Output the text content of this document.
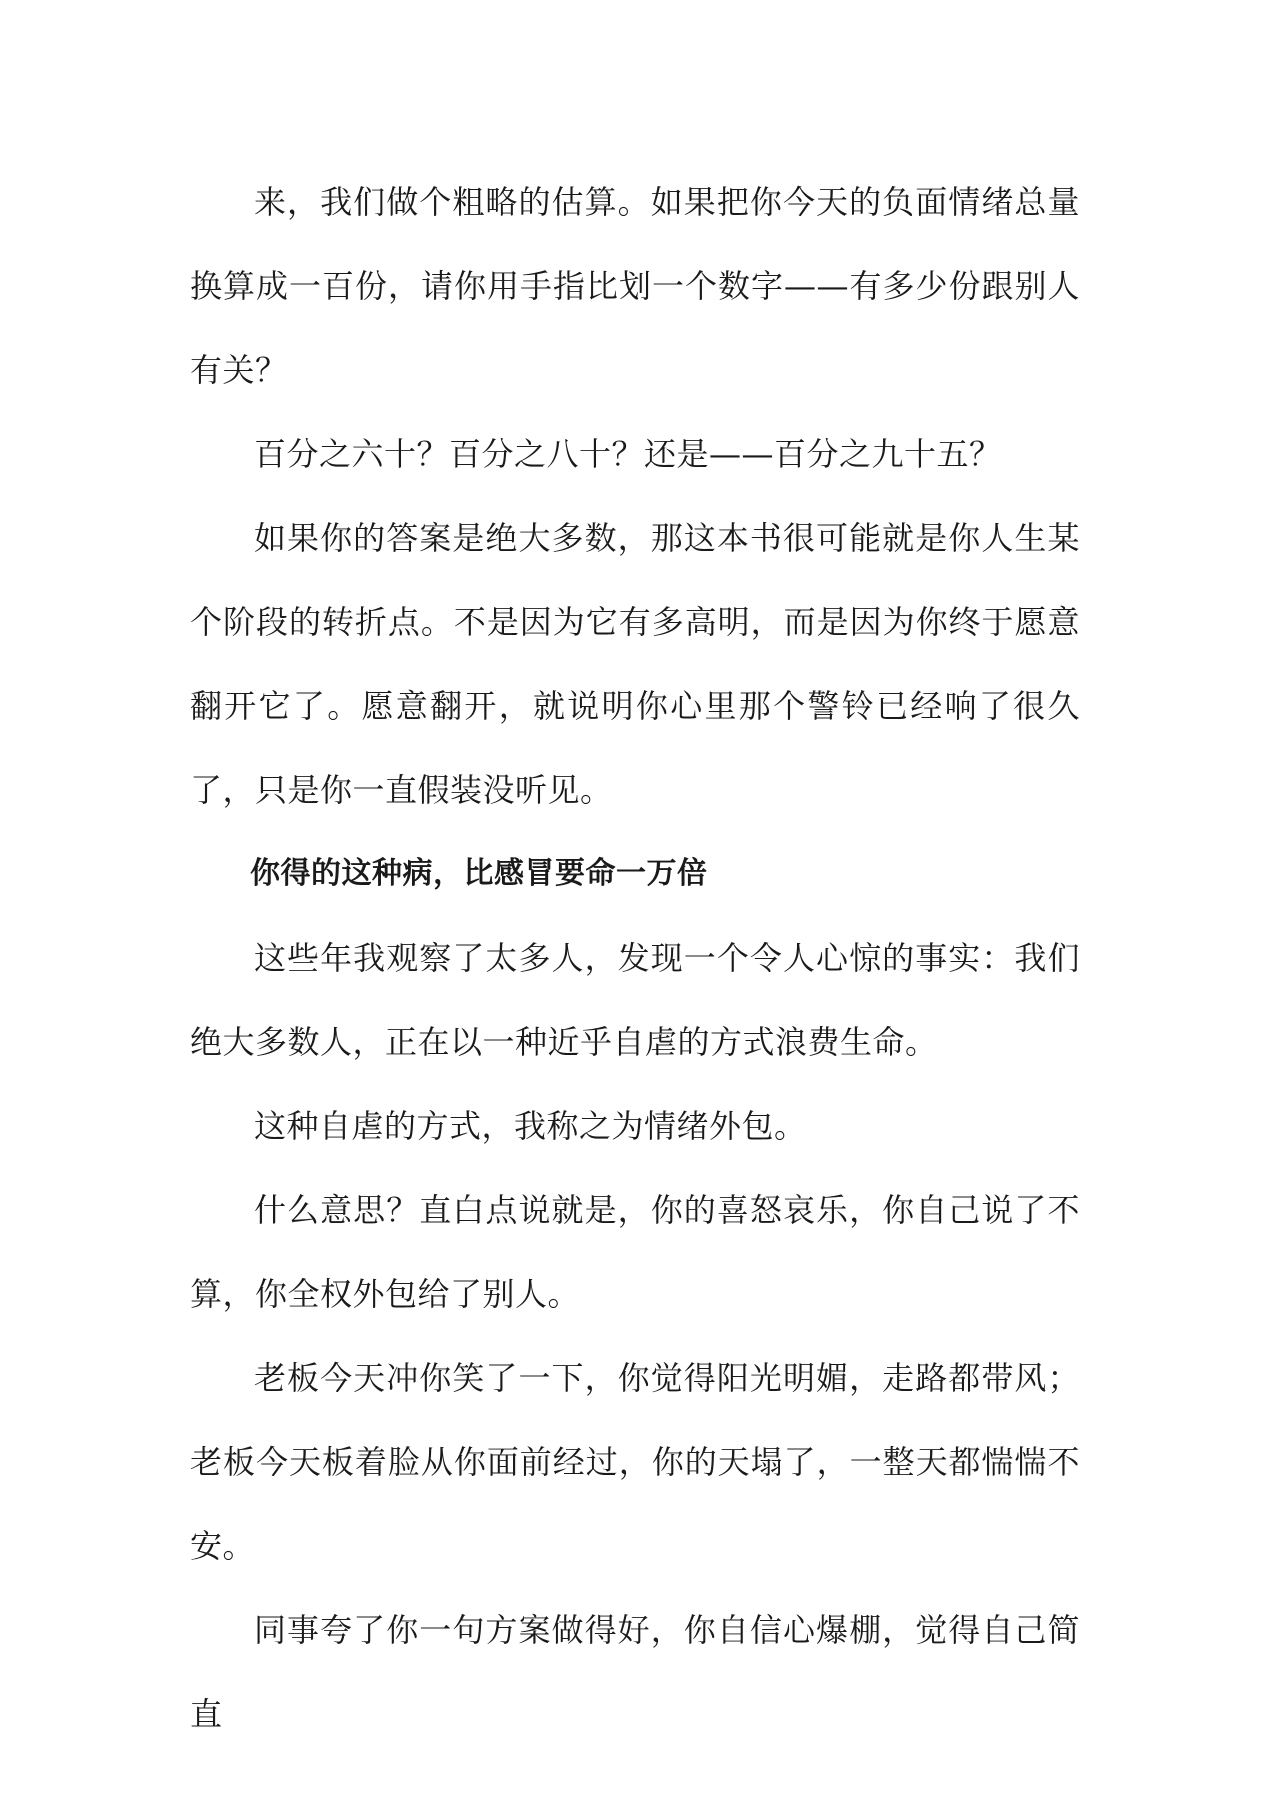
来，我们做个粗略的估算。如果把你今天的负面情绪总量换算成一百份，请你用手指比划一个数字——有多少份跟别人有关？

百分之六十？百分之八十？还是——百分之九十五？

如果你的答案是绝大多数，那这本书很可能就是你人生某个阶段的转折点。不是因为它有多高明，而是因为你终于愿意翻开它了。愿意翻开，就说明你心里那个警铃已经响了很久了，只是你一直假装没听见。

你得的这种病，比感冒要命一万倍

这些年我观察了太多人，发现一个令人心惊的事实：我们绝大多数人，正在以一种近乎自虐的方式浪费生命。

这种自虐的方式，我称之为情绪外包。

什么意思？直白点说就是，你的喜怒哀乐，你自己说了不算，你全权外包给了别人。

老板今天冲你笑了一下，你觉得阳光明媚，走路都带风；老板今天板着脸从你面前经过，你的天塌了，一整天都惴惴不安。

同事夸了你一句方案做得好，你自信心爆棚，觉得自己简直
